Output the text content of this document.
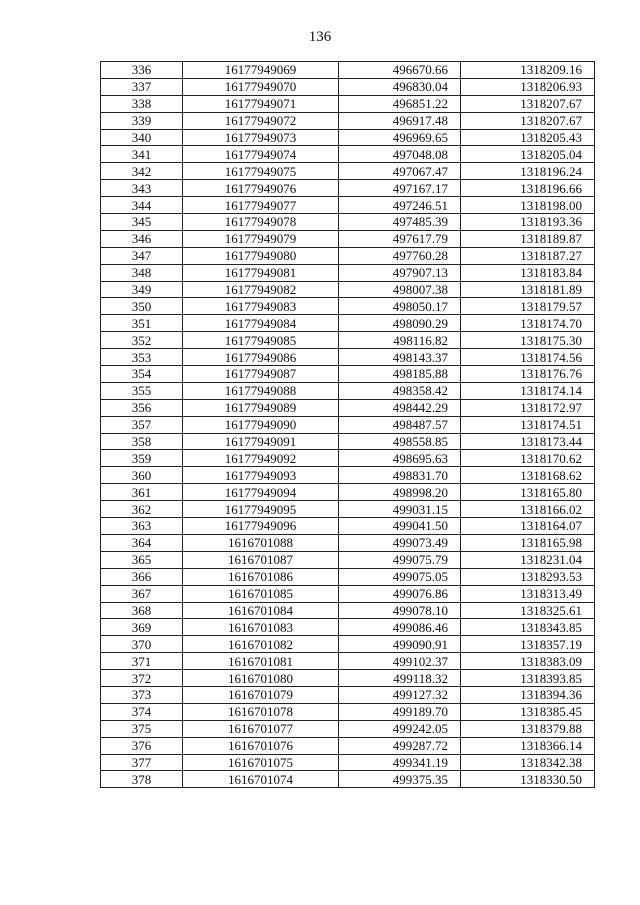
136
336	16177949069	496670.66	1318209.16
337	16177949070	496830.04	1318206.93
338	16177949071	496851.22	1318207.67
339	16177949072	496917.48	1318207.67
340	16177949073	496969.65	1318205.43
341	16177949074	497048.08	1318205.04
342	16177949075	497067.47	1318196.24
343	16177949076	497167.17	1318196.66
344	16177949077	497246.51	1318198.00
345	16177949078	497485.39	1318193.36
346	16177949079	497617.79	1318189.87
347	16177949080	497760.28	1318187.27
348	16177949081	497907.13	1318183.84
349	16177949082	498007.38	1318181.89
350	16177949083	498050.17	1318179.57
351	16177949084	498090.29	1318174.70
352	16177949085	498116.82	1318175.30
353	16177949086	498143.37	1318174.56
354	16177949087	498185.88	1318176.76
355	16177949088	498358.42	1318174.14
356	16177949089	498442.29	1318172.97
357	16177949090	498487.57	1318174.51
358	16177949091	498558.85	1318173.44
359	16177949092	498695.63	1318170.62
360	16177949093	498831.70	1318168.62
361	16177949094	498998.20	1318165.80
362	16177949095	499031.15	1318166.02
363	16177949096	499041.50	1318164.07
364	1616701088	499073.49	1318165.98
365	1616701087	499075.79	1318231.04
366	1616701086	499075.05	1318293.53
367	1616701085	499076.86	1318313.49
368	1616701084	499078.10	1318325.61
369	1616701083	499086.46	1318343.85
370	1616701082	499090.91	1318357.19
371	1616701081	499102.37	1318383.09
372	1616701080	499118.32	1318393.85
373	1616701079	499127.32	1318394.36
374	1616701078	499189.70	1318385.45
375	1616701077	499242.05	1318379.88
376	1616701076	499287.72	1318366.14
377	1616701075	499341.19	1318342.38
378	1616701074	499375.35	1318330.50
